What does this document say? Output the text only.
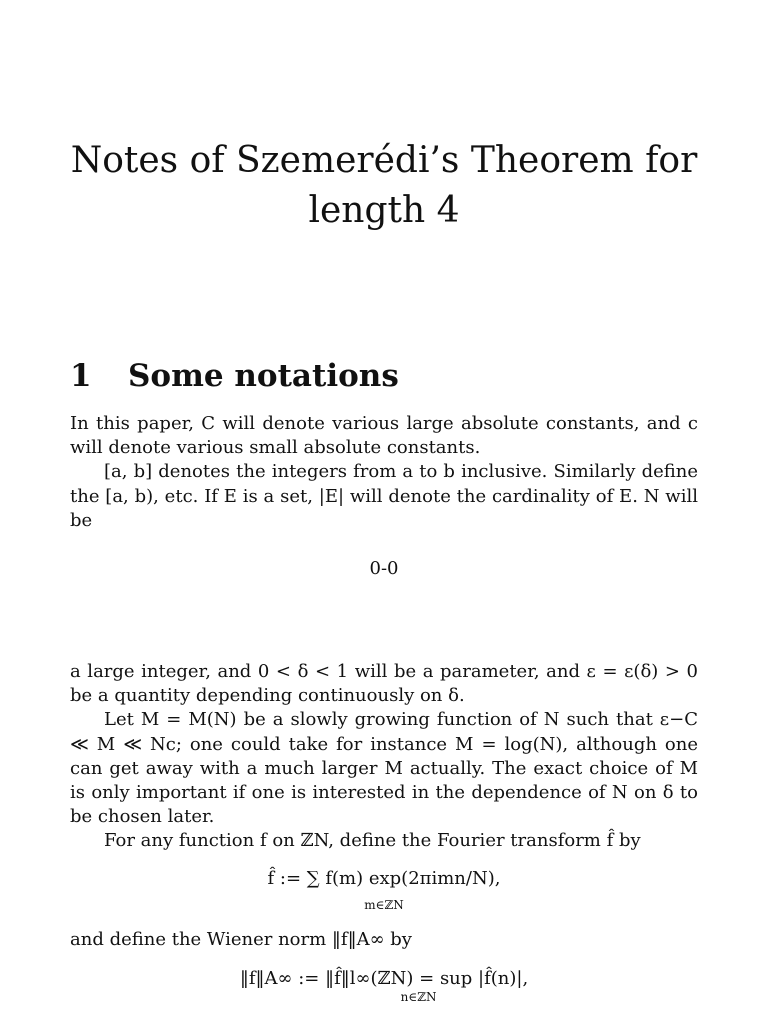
Notes of Szemerédi’s Theorem for
length 4
1 Some notations

In this paper, C will denote various large absolute constants, and c will denote various small absolute constants.

[a, b] denotes the integers from a to b inclusive. Similarly define the [a, b), etc. If E is a set, |E| will denote the cardinality of E. N will be

0-0

a large integer, and 0 < δ < 1 will be a parameter, and ε = ε(δ) > 0 be a quantity depending continuously on δ.

Let M = M(N) be a slowly growing function of N such that ε−C ≪ M ≪ Nc; one could take for instance M = log(N), although one can get away with a much larger M actually. The exact choice of M is only important if one is interested in the dependence of N on δ to be chosen later.

For any function f on ℤN, define the Fourier transform f̂ by

f̂ := ∑ f(m) exp(2πimn/N),
m∈ℤN

and define the Wiener norm ‖f‖A∞ by

‖f‖A∞ := ‖f̂‖l∞(ℤN) = sup |f̂(n)|,
n∈ℤN
